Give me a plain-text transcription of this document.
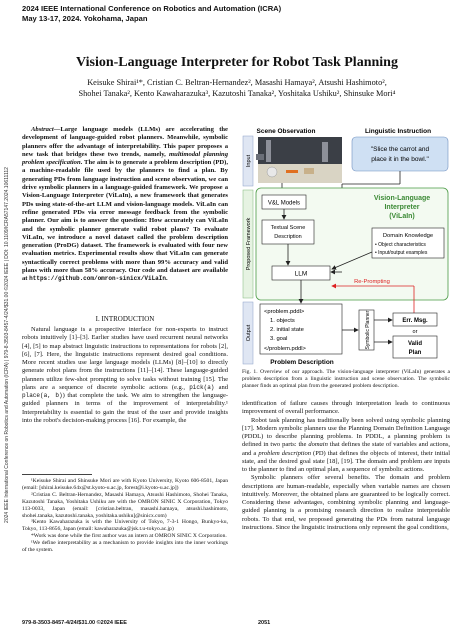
2024 IEEE International Conference on Robotics and Automation (ICRA)
May 13-17, 2024. Yokohama, Japan
2024 IEEE International Conference on Robotics and Automation (ICRA) | 979-8-3503-8457-4/24/$31.00 ©2024 IEEE | DOI: 10.1109/ICRA57147.2024.10611112
Vision-Language Interpreter for Robot Task Planning
Keisuke Shirai¹*, Cristian C. Beltran-Hernandez², Masashi Hamaya², Atsushi Hashimoto²,
Shohei Tanaka², Kento Kawaharazuka³, Kazutoshi Tanaka², Yoshitaka Ushiku², Shinsuke Mori⁴

Abstract—Large language models (LLMs) are accelerating the development of language-guided robot planners. Meanwhile, symbolic planners offer the advantage of interpretability. This paper proposes a new task that bridges these two trends, namely, multimodal planning problem specification. The aim is to generate a problem description (PD), a machine-readable file used by the planners to find a plan. By generating PDs from language instruction and scene observation, we can drive symbolic planners in a language-guided framework. We propose a Vision-Language Interpreter (ViLaIn), a new framework that generates PDs using state-of-the-art LLM and vision-language models. ViLaIn can refine generated PDs via error message feedback from the symbolic planner. Our aim is to answer the question: How accurately can ViLaIn and the symbolic planner generate valid robot plans? To evaluate ViLaIn, we introduce a novel dataset called the problem description generation (ProDG) dataset. The framework is evaluated with four new evaluation metrics. Experimental results show that ViLaIn can generate syntactically correct problems with more than 99% accuracy and valid plans with more than 58% accuracy. Our code and dataset are available at https://github.com/omron-sinicx/ViLaIn.

I. INTRODUCTION

Natural language is a prospective interface for non-experts to instruct robots intuitively [1]–[3]. Earlier studies have used recurrent neural networks [4], [5] to map abstract linguistic instructions to representations for robots [2], [6], [7]. Here, the linguistic instructions represent desired goal conditions. More recent studies use large language models (LLMs) [8]–[10] to directly generate robot plans from the instructions [11]–[14]. These language-guided planners utilize few-shot prompting to solve tasks without training [15]. The plans are a sequence of discrete symbolic actions (e.g., pick(a) and place(a, b)) that complete the task. We aim to strengthen the language-guided planners in terms of the improvement of interpretability.¹ Interpretability is essential to gain the trust of the user and provide insights into the robot's decision-making process [16]. For example, the

¹Keisuke Shirai and Shinsuke Mori are with Kyoto University, Kyoto 606-8501, Japan (email: [shirai.keisuke.64x@st.kyoto-u.ac.jp, forest@i.kyoto-u.ac.jp])

²Cristian C. Beltran-Hernandez, Masashi Hamaya, Atsushi Hashimoto, Shohei Tanaka, Kazutoshi Tanaka, Yoshitaka Ushiku are with the OMRON SINIC X Corporation, Tokyo 113-0033, Japan (email: [cristian.beltran, masashi.hamaya, atsushi.hashimoto, shohei.tanaka, kazutoshi.tanaka, yoshitaka.ushiku]@sinicx.com)

³Kento Kawaharazuka is with the University of Tokyo, 7-3-1 Hongo, Bunkyo-ku, Tokyo, 113-8656, Japan (email: kawaharazuka@jsk.t.u-tokyo.ac.jp)

*Work was done while the first author was an intern at OMRON SINIC X Corporation.

¹We define interpretability as a mechanism to provide insights into the inner workings of the system.

Input
Proposed Framework
Output
Scene Observation	Linguistic Instruction
"Slice the carrot and
place it in the bowl."
Vision-Language
Interpreter
(ViLaIn)
V&L Models
Textual Scene
Description	Domain Knowledge
• Object characteristics
• Input/output examples
LLM
Re-Prompting
<problem.pddl>
1. objects
2. initial state
3. goal
</problem.pddl>
Problem Description
Symbolic Planner	Err. Msg.
or
Valid
Plan
Fig. 1. Overview of our approach. The vision-language interpreter (ViLaIn) generates a problem description from a linguistic instruction and scene observation. The symbolic planner finds an optimal plan from the generated problem description.

identification of failure causes through interpretation leads to continuous improvement of overall performance.

Robot task planning has traditionally been solved using symbolic planning [17]. Modern symbolic planners use the Planning Domain Definition Language (PDDL) to describe planning problems. In PDDL, a planning problem is defined in two parts: the domain that defines the state of variables and actions, and a problem description (PD) that defines the objects of interest, their initial state, and the desired goal state [18], [19]. The domain and problem are inputs to the planner to find an optimal plan, a sequence of symbolic actions.

Symbolic planners offer several benefits. The domain and problem descriptions are human-readable, especially when variable names are chosen intuitively. Moreover, the obtained plans are guaranteed to be logically correct. Considering these advantages, combining symbolic planning and language-guided planning is a promising research direction to realize interpretable robots. To that end, we proposed generating the PDs from natural language instructions. Since the linguistic instructions only represent the goal conditions,

979-8-3503-8457-4/24/$31.00 ©2024 IEEE	2051
